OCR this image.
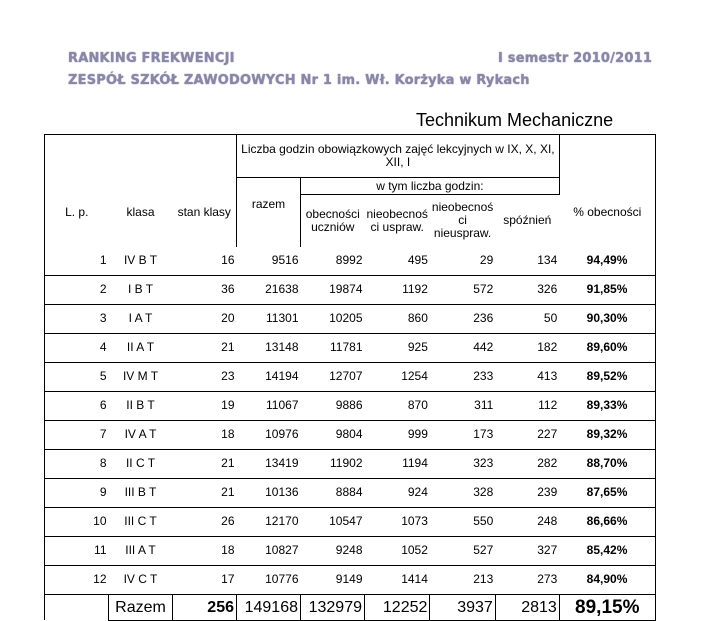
RANKING FREKWENCJI	I semestr 2010/2011
ZESPÓŁ SZKÓŁ ZAWODOWYCH Nr 1 im. Wł. Korżyka w Rykach
Technikum Mechaniczne
			Liczba godzin obowiązkowych zajęć lekcyjnych w IX, X, XI, XII, I					
L. p.	klasa	stan klasy		w tym liczba godzin:				% obecności
			razem	obecności uczniów	nieobecnoś ci uspraw.	nieobecnoś ci nieuspraw.	spóźnień	
1	IV B T	16	9516	8992	495	29	134	94,49%
2	I B T	36	21638	19874	1192	572	326	91,85%
3	I A T	20	11301	10205	860	236	50	90,30%
4	II A T	21	13148	11781	925	442	182	89,60%
5	IV M T	23	14194	12707	1254	233	413	89,52%
6	II B T	19	11067	9886	870	311	112	89,33%
7	IV A T	18	10976	9804	999	173	227	89,32%
8	II C T	21	13419	11902	1194	323	282	88,70%
9	III B T	21	10136	8884	924	328	239	87,65%
10	III C T	26	12170	10547	1073	550	248	86,66%
11	III A T	18	10827	9248	1052	527	327	85,42%
12	IV C T	17	10776	9149	1414	213	273	84,90%
	Razem	256	149168	132979	12252	3937	2813	89,15%
